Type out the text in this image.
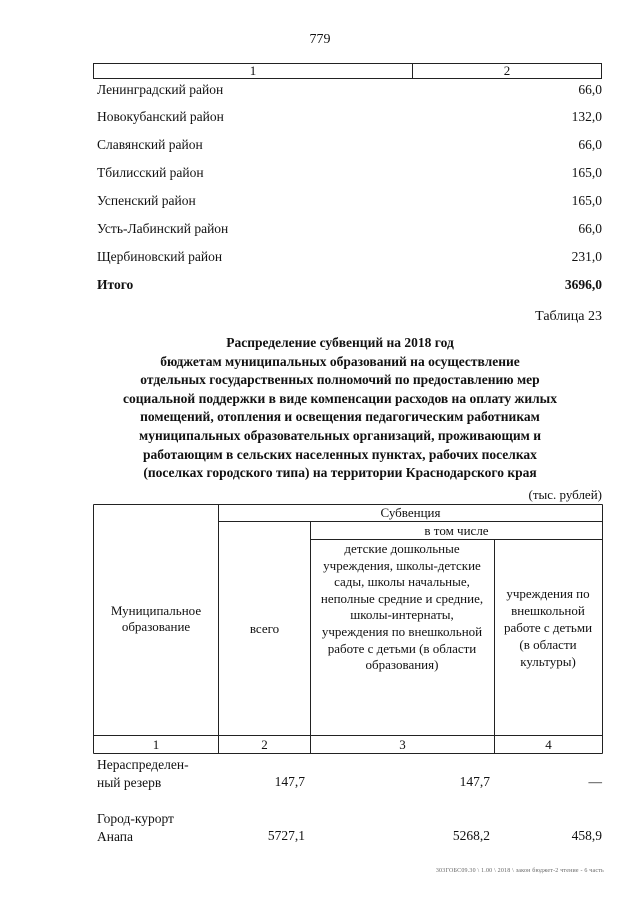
779
1	2
Ленинградский район	66,0
Новокубанский район	132,0
Славянский район	66,0
Тбилисский район	165,0
Успенский район	165,0
Усть-Лабинский район	66,0
Щербиновский район	231,0
Итого	3696,0
Таблица 23
Распределение субвенций на 2018 год
бюджетам муниципальных образований на осуществление
отдельных государственных полномочий по предоставлению мер
социальной поддержки в виде компенсации расходов на оплату жилых
помещений, отопления и освещения педагогическим работникам
муниципальных образовательных организаций, проживающим и
работающим в сельских населенных пунктах, рабочих поселках
(поселках городского типа) на территории Краснодарского края
(тыс. рублей)
Муниципальное образование
Субвенция
всего
в том числе
детские дошкольные учреждения, школы-детские сады, школы начальные, неполные средние и средние, школы-интернаты, учреждения по внешкольной работе с детьми (в области образования)
учреждения по внешкольной работе с детьми (в области культуры)
1	2	3	4
Нераспределен-
ный резерв	147,7	147,7	—
Город-курорт
Анапа	5727,1	5268,2	458,9
303ГОБС09.30 \ 1.00 \ 2018 \ закон бюджет-2 чтение - 6 часть
